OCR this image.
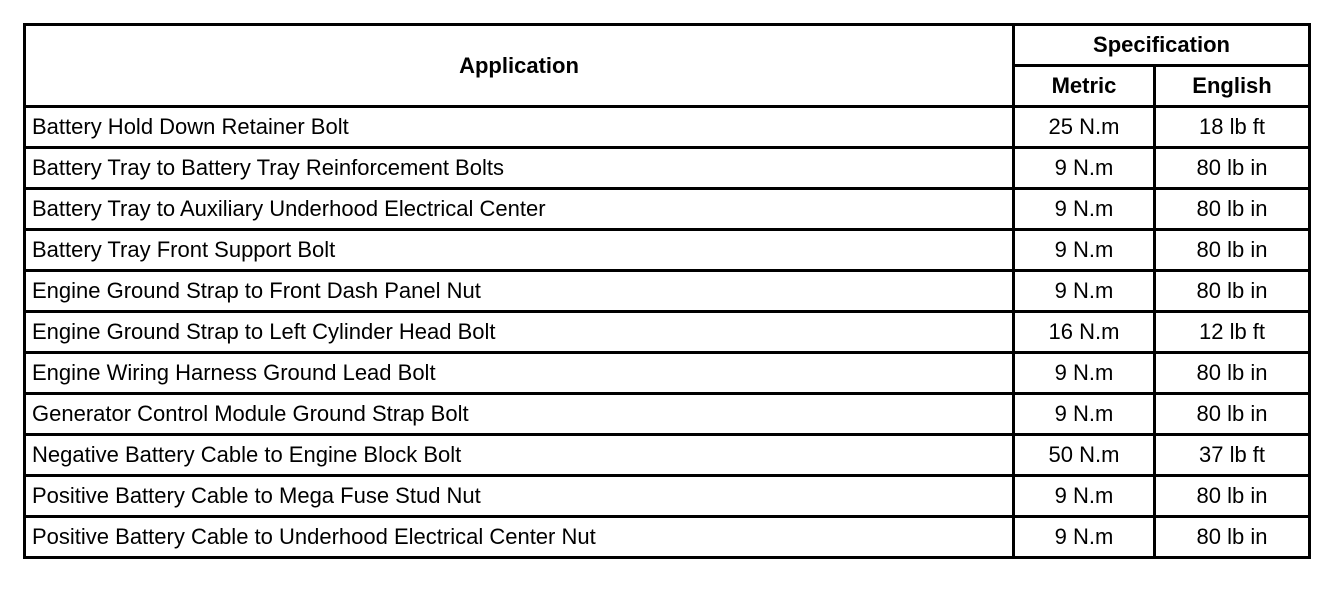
Application	Specification	
	Metric	English
Battery Hold Down Retainer Bolt	25 N.m	18 lb ft
Battery Tray to Battery Tray Reinforcement Bolts	9 N.m	80 lb in
Battery Tray to Auxiliary Underhood Electrical Center	9 N.m	80 lb in
Battery Tray Front Support Bolt	9 N.m	80 lb in
Engine Ground Strap to Front Dash Panel Nut	9 N.m	80 lb in
Engine Ground Strap to Left Cylinder Head Bolt	16 N.m	12 lb ft
Engine Wiring Harness Ground Lead Bolt	9 N.m	80 lb in
Generator Control Module Ground Strap Bolt	9 N.m	80 lb in
Negative Battery Cable to Engine Block Bolt	50 N.m	37 lb ft
Positive Battery Cable to Mega Fuse Stud Nut	9 N.m	80 lb in
Positive Battery Cable to Underhood Electrical Center Nut	9 N.m	80 lb in
